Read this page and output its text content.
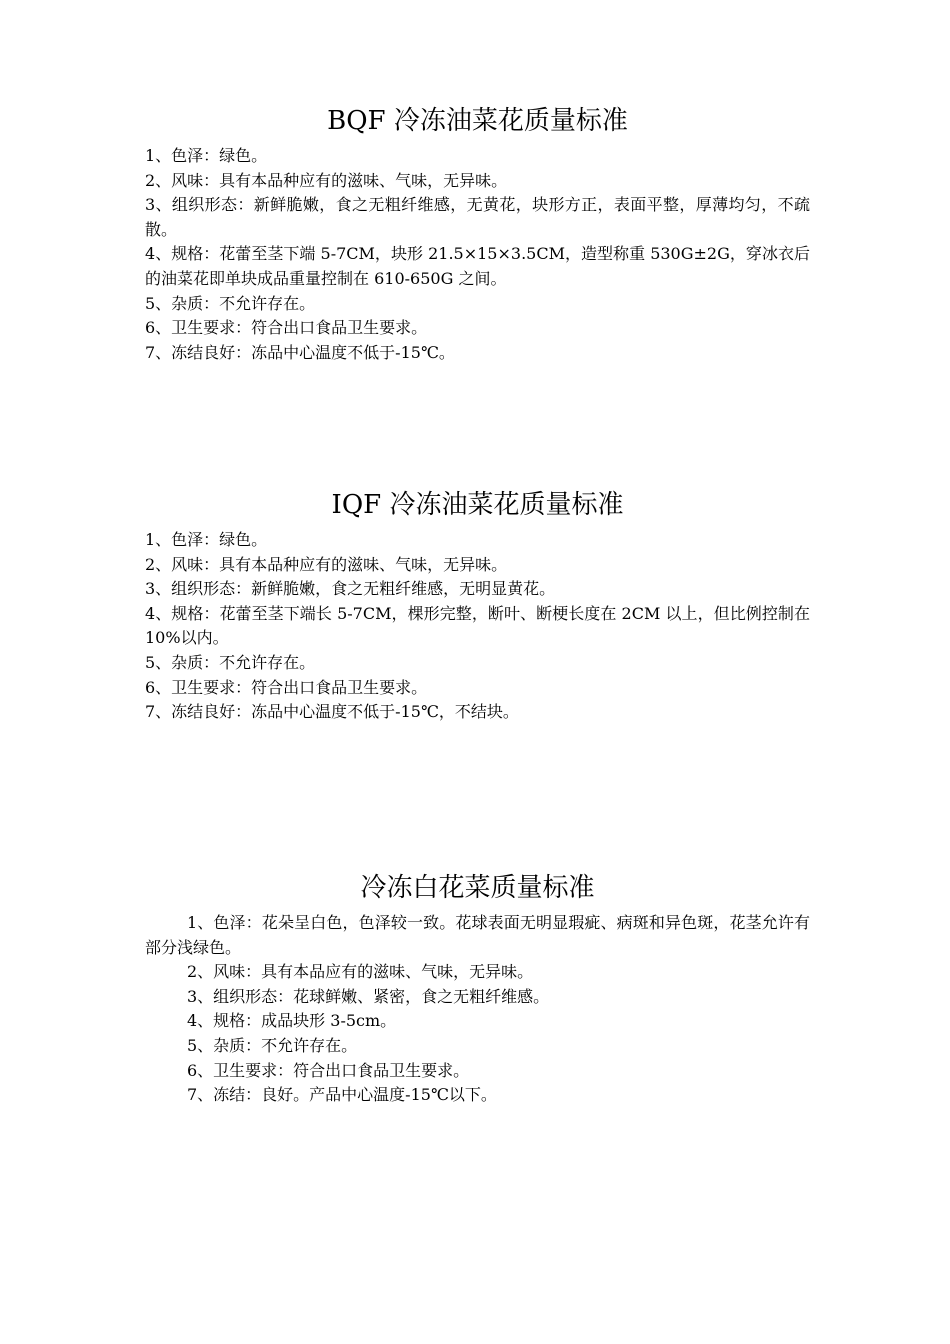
BQF 冷冻油菜花质量标准

1、色泽：绿色。

2、风味：具有本品种应有的滋味、气味，无异味。

3、组织形态：新鲜脆嫩，食之无粗纤维感，无黄花，块形方正，表面平整，厚薄均匀，不疏散。

4、规格：花蕾至茎下端 5-7CM，块形 21.5×15×3.5CM，造型称重 530G±2G，穿冰衣后的油菜花即单块成品重量控制在 610-650G 之间。

5、杂质：不允许存在。

6、卫生要求：符合出口食品卫生要求。

7、冻结良好：冻品中心温度不低于-15℃。

IQF 冷冻油菜花质量标准

1、色泽：绿色。

2、风味：具有本品种应有的滋味、气味，无异味。

3、组织形态：新鲜脆嫩，食之无粗纤维感，无明显黄花。

4、规格：花蕾至茎下端长 5-7CM，棵形完整，断叶、断梗长度在 2CM 以上，但比例控制在 10%以内。

5、杂质：不允许存在。

6、卫生要求：符合出口食品卫生要求。

7、冻结良好：冻品中心温度不低于-15℃，不结块。

冷冻白花菜质量标准

1、色泽：花朵呈白色，色泽较一致。花球表面无明显瑕疵、病斑和异色斑，花茎允许有部分浅绿色。

2、风味：具有本品应有的滋味、气味，无异味。

3、组织形态：花球鲜嫩、紧密，食之无粗纤维感。

4、规格：成品块形 3-5cm。

5、杂质：不允许存在。

6、卫生要求：符合出口食品卫生要求。

7、冻结：良好。产品中心温度-15℃以下。
